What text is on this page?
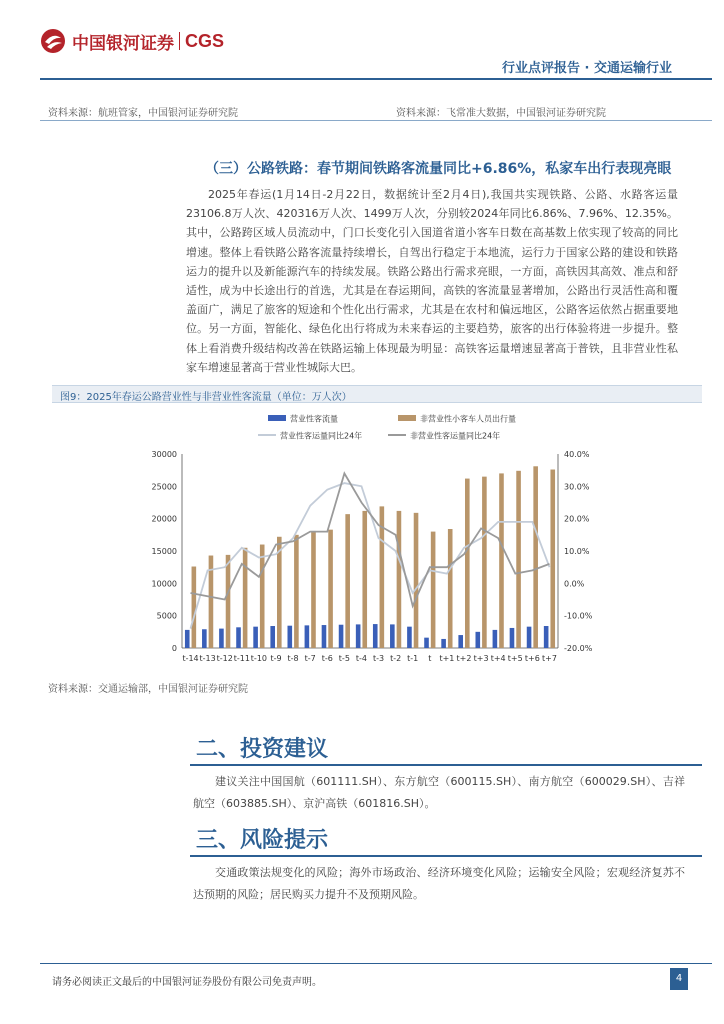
中国银河证券 CGS
行业点评报告 · 交通运输行业
资料来源：航班管家，中国银河证券研究院	资料来源：飞常准大数据，中国银河证券研究院
（三）公路铁路：春节期间铁路客流量同比+6.86%，私家车出行表现亮眼

2025年春运(1月14日-2月22日，数据统计至2月4日),我国共实现铁路、公路、水路客运量23106.8万人次、420316万人次、1499万人次，分别较2024年同比6.86%、7.96%、12.35%。其中，公路跨区域人员流动中，门口长变化引入国道省道小客车日数在高基数上依实现了较高的同比增速。整体上看铁路公路客流量持续增长，自驾出行稳定于本地流，运行力于国家公路的建设和铁路运力的提升以及新能源汽车的持续发展。铁路公路出行需求亮眼，一方面，高铁因其高效、准点和舒适性，成为中长途出行的首选，尤其是在春运期间，高铁的客流量显著增加，公路出行灵活性高和覆盖面广，满足了旅客的短途和个性化出行需求，尤其是在农村和偏远地区，公路客运依然占据重要地位。另一方面，智能化、绿色化出行将成为未来春运的主要趋势，旅客的出行体验将进一步提升。整体上看消费升级结构改善在铁路运输上体现最为明显：高铁客运量增速显著高于普铁，且非营业性私家车增速显著高于营业性城际大巴。

图9：2025年春运公路营业性与非营业性客流量（单位：万人次）
营业性客流量	非营业性小客车人员出行量
营业性客运量同比24年	非营业性客运量同比24年
0
5000
10000
15000
20000
25000
30000
-20.0%
-10.0%
0.0%
10.0%
20.0%
30.0%
40.0%
t-14 t-13 t-12 t-11 t-10 t-9 t-8 t-7 t-6 t-5 t-4 t-3 t-2 t-1 t t+1 t+2 t+3 t+4 t+5 t+6 t+7
资料来源：交通运输部，中国银河证券研究院
二、投资建议

建议关注中国国航（601111.SH）、东方航空（600115.SH）、南方航空（600029.SH）、吉祥航空（603885.SH）、京沪高铁（601816.SH）。

三、风险提示

交通政策法规变化的风险；海外市场政治、经济环境变化风险；运输安全风险；宏观经济复苏不达预期的风险；居民购买力提升不及预期风险。

请务必阅读正文最后的中国银河证券股份有限公司免责声明。	4
